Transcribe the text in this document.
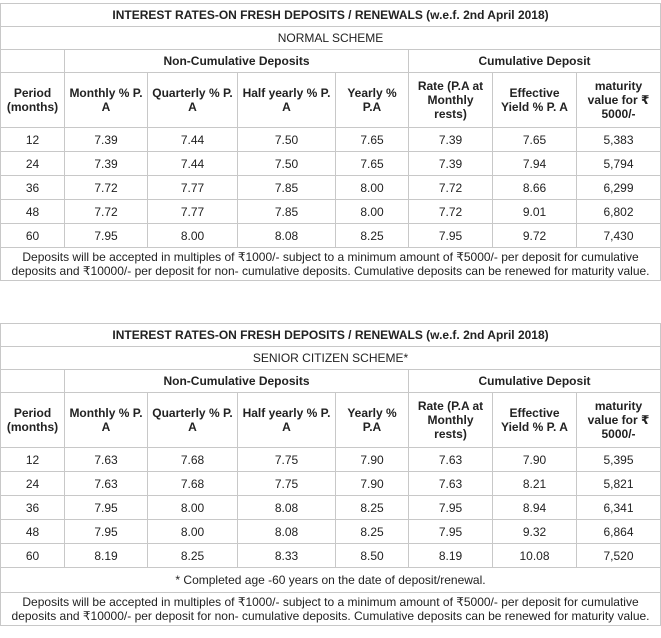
INTEREST RATES-ON FRESH DEPOSITS / RENEWALS (w.e.f. 2nd April 2018)							
NORMAL SCHEME							
	Non-Cumulative Deposits				Cumulative Deposit		
Period (months)	Monthly % P. A	Quarterly % P. A	Half yearly % P. A	Yearly % P.A	Rate (P.A at Monthly rests)	Effective Yield % P. A	maturity value for ₹ 5000/-
12	7.39	7.44	7.50	7.65	7.39	7.65	5,383
24	7.39	7.44	7.50	7.65	7.39	7.94	5,794
36	7.72	7.77	7.85	8.00	7.72	8.66	6,299
48	7.72	7.77	7.85	8.00	7.72	9.01	6,802
60	7.95	8.00	8.08	8.25	7.95	9.72	7,430
Deposits will be accepted in multiples of ₹1000/- subject to a minimum amount of ₹5000/- per deposit for cumulative deposits and ₹10000/- per deposit for non- cumulative deposits. Cumulative deposits can be renewed for maturity value.							
INTEREST RATES-ON FRESH DEPOSITS / RENEWALS (w.e.f. 2nd April 2018)							
SENIOR CITIZEN SCHEME*							
	Non-Cumulative Deposits				Cumulative Deposit		
Period (months)	Monthly % P. A	Quarterly % P. A	Half yearly % P. A	Yearly % P.A	Rate (P.A at Monthly rests)	Effective Yield % P. A	maturity value for ₹ 5000/-
12	7.63	7.68	7.75	7.90	7.63	7.90	5,395
24	7.63	7.68	7.75	7.90	7.63	8.21	5,821
36	7.95	8.00	8.08	8.25	7.95	8.94	6,341
48	7.95	8.00	8.08	8.25	7.95	9.32	6,864
60	8.19	8.25	8.33	8.50	8.19	10.08	7,520
* Completed age -60 years on the date of deposit/renewal.							
Deposits will be accepted in multiples of ₹1000/- subject to a minimum amount of ₹5000/- per deposit for cumulative deposits and ₹10000/- per deposit for non- cumulative deposits. Cumulative deposits can be renewed for maturity value.							
